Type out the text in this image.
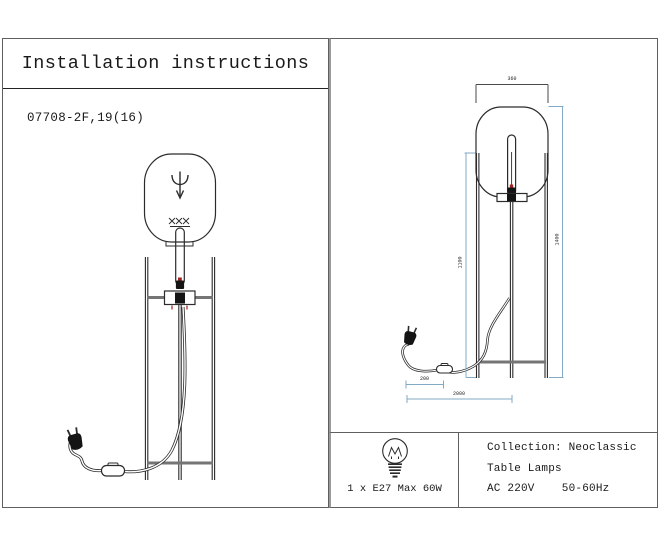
Installation instructions
07708-2F,19(16)
1 x E27 Max 60W
Collection: Neoclassic
Table Lamps
AC 220V    50-60Hz
360
1400
1100
200
2000
